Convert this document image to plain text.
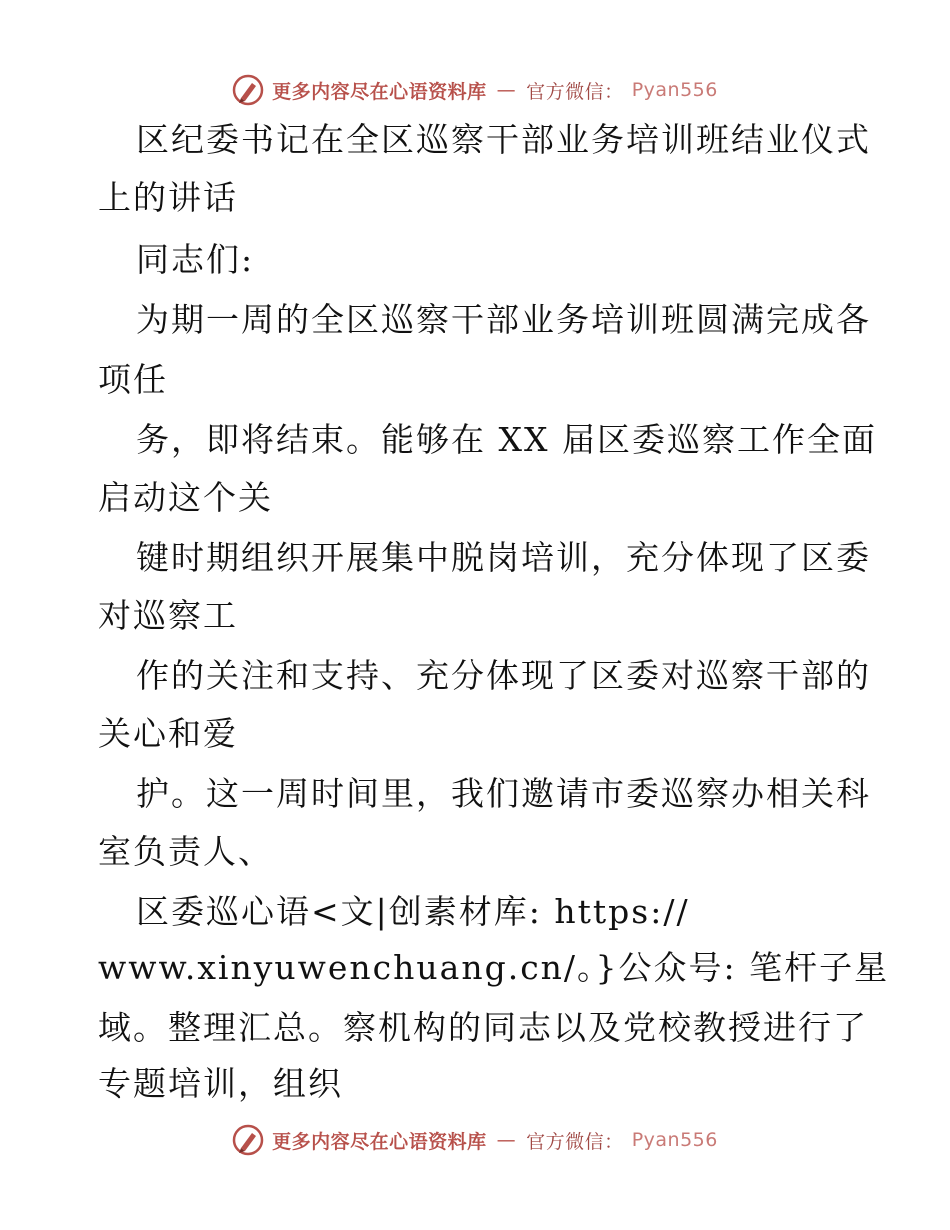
更多内容尽在心语资料库 — 官方微信： Pyan556
区纪委书记在全区巡察干部业务培训班结业仪式
上的讲话
同志们:
为期一周的全区巡察干部业务培训班圆满完成各
项任
务，即将结束。能够在 XX 届区委巡察工作全面
启动这个关
键时期组织开展集中脱岗培训，充分体现了区委
对巡察工
作的关注和支持、充分体现了区委对巡察干部的
关心和爱
护。这一周时间里，我们邀请市委巡察办相关科
室负责人、
区委巡心语<文|创素材库: https://
www.xinyuwenchuang.cn/。}公众号: 笔杆子星
域。整理汇总。察机构的同志以及党校教授进行了
专题培训，组织
更多内容尽在心语资料库 — 官方微信： Pyan556
